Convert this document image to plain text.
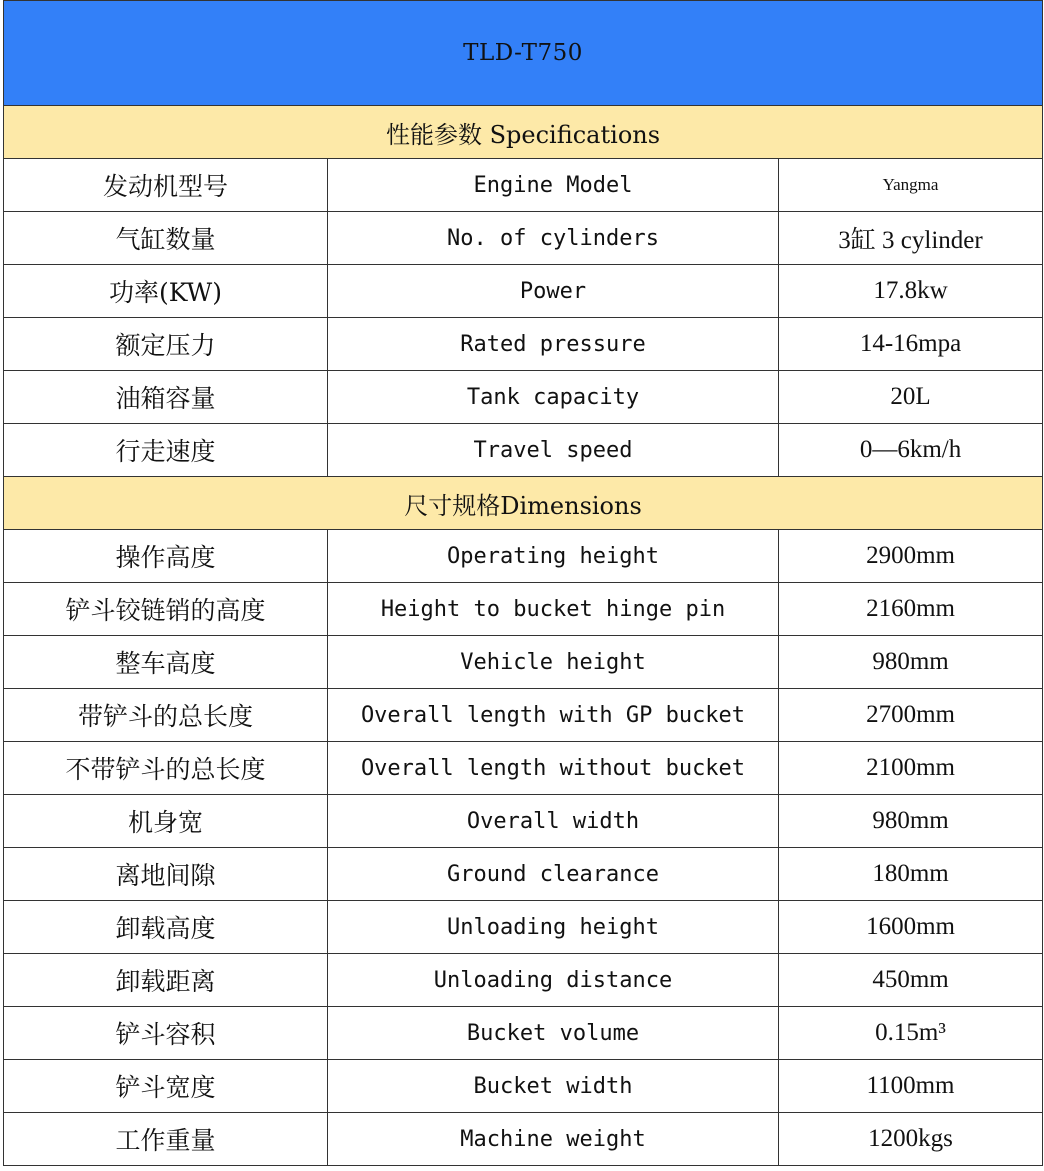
TLD-T750		
性能参数 Specifications		
发动机型号	Engine Model	Yangma
气缸数量	No. of cylinders	3缸 3 cylinder
功率(KW)	Power	17.8kw
额定压力	Rated pressure	14-16mpa
油箱容量	Tank capacity	20L
行走速度	Travel speed	0—6km/h
尺寸规格Dimensions		
操作高度	Operating height	2900mm
铲斗铰链销的高度	Height to bucket hinge pin	2160mm
整车高度	Vehicle height	980mm
带铲斗的总长度	Overall length with GP bucket	2700mm
不带铲斗的总长度	Overall length without bucket	2100mm
机身宽	Overall width	980mm
离地间隙	Ground clearance	180mm
卸载高度	Unloading height	1600mm
卸载距离	Unloading distance	450mm
铲斗容积	Bucket volume	0.15m³
铲斗宽度	Bucket width	1100mm
工作重量	Machine weight	1200kgs
